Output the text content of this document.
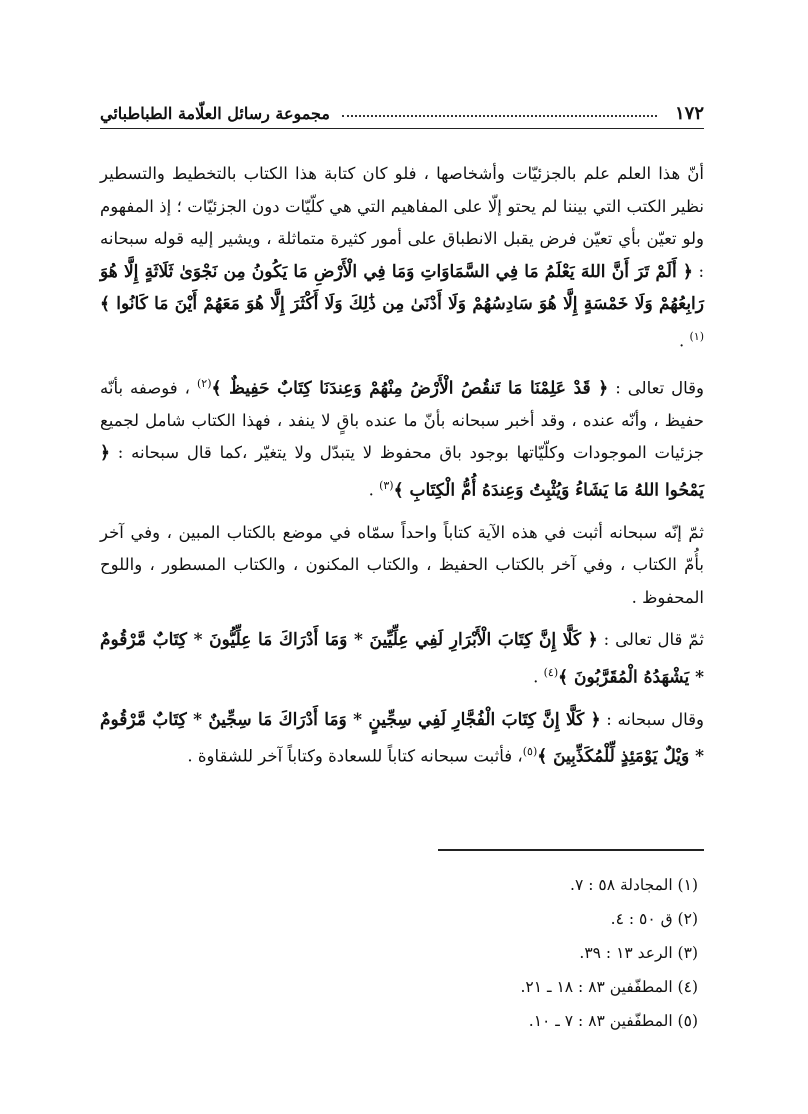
١٧٢
مجموعة رسائل العلّامة الطباطبائي

أنّ هذا العلم علم بالجزئيّات وأشخاصها ، فلو كان كتابة هذا الكتاب بالتخطيط والتسطير نظير الكتب التي بيننا لم يحتو إلّا على المفاهيم التي هي كلّيّات دون الجزئيّات ؛ إذ المفهوم ولو تعيّن بأي تعيّن فرض يقبل الانطباق على أمور كثيرة متماثلة ، ويشير إليه قوله سبحانه : ﴿ أَلَمْ تَرَ أَنَّ اللهَ يَعْلَمُ مَا فِي السَّمَاوَاتِ وَمَا فِي الْأَرْضِ مَا يَكُونُ مِن نَجْوَىٰ ثَلَاثَةٍ إِلَّا هُوَ رَابِعُهُمْ وَلَا خَمْسَةٍ إِلَّا هُوَ سَادِسُهُمْ وَلَا أَدْنَىٰ مِن ذَٰلِكَ وَلَا أَكْثَرَ إِلَّا هُوَ مَعَهُمْ أَيْنَ مَا كَانُوا ﴾$^{(١)}$ .

وقال تعالى : ﴿ قَدْ عَلِمْنَا مَا تَنقُصُ الْأَرْضُ مِنْهُمْ وَعِندَنَا كِتَابٌ حَفِيظٌ ﴾$^{(٢)}$ ، فوصفه بأنّه حفيظ ، وأنّه عنده ، وقد أخبر سبحانه بأنّ ما عنده باقٍ لا ينفد ، فهذا الكتاب شامل لجميع جزئيات الموجودات وكلّيّاتها بوجود باق محفوظ لا يتبدّل ولا يتغيّر ،كما قال سبحانه : ﴿ يَمْحُوا اللهُ مَا يَشَاءُ وَيُثْبِتُ وَعِندَهُ أُمُّ الْكِتَابِ ﴾$^{(٣)}$ .

ثمّ إنّه سبحانه أثبت في هذه الآية كتاباً واحداً سمّاه في موضع بالكتاب المبين ، وفي آخر بأُمّ الكتاب ، وفي آخر بالكتاب الحفيظ ، والكتاب المكنون ، والكتاب المسطور ، واللوح المحفوظ .

ثمّ قال تعالى : ﴿ كَلَّا إِنَّ كِتَابَ الْأَبْرَارِ لَفِي عِلِّيِّينَ * وَمَا أَدْرَاكَ مَا عِلِّيُّونَ * كِتَابٌ مَّرْقُومٌ * يَشْهَدُهُ الْمُقَرَّبُونَ ﴾$^{(٤)}$ .

وقال سبحانه : ﴿ كَلَّا إِنَّ كِتَابَ الْفُجَّارِ لَفِي سِجِّينٍ * وَمَا أَدْرَاكَ مَا سِجِّينٌ * كِتَابٌ مَّرْقُومٌ * وَيْلٌ يَوْمَئِذٍ لِّلْمُكَذِّبِينَ ﴾$^{(٥)}$، فأثبت سبحانه كتاباً للسعادة وكتاباً آخر للشقاوة .

(١) المجادلة ٥٨ : ٧.
(٢) ق ٥٠ : ٤.
(٣) الرعد ١٣ : ٣٩.
(٤) المطفّفين ٨٣ : ١٨ ـ ٢١.
(٥) المطفّفين ٨٣ : ٧ ـ ١٠.
